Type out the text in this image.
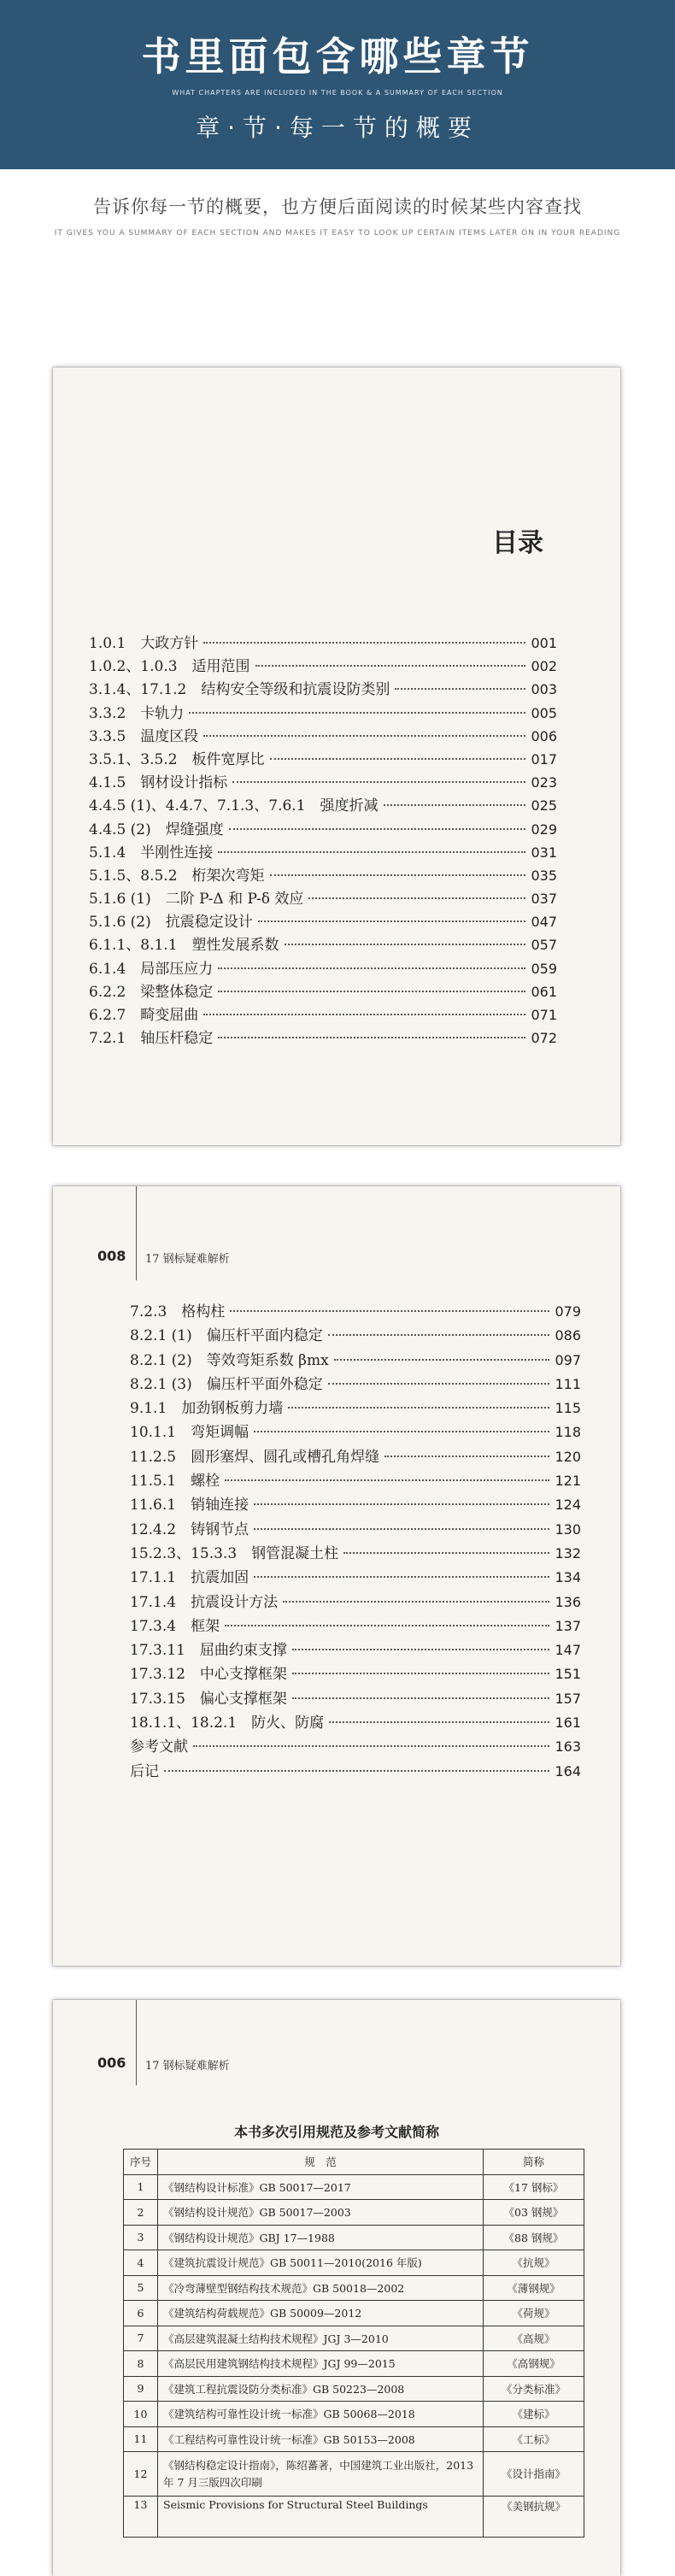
书里面包含哪些章节
WHAT CHAPTERS ARE INCLUDED IN THE BOOK & A SUMMARY OF EACH SECTION
章·节·每一节的概要

告诉你每一节的概要，也方便后面阅读的时候某些内容查找

IT GIVES YOU A SUMMARY OF EACH SECTION AND MAKES IT EASY TO LOOK UP CERTAIN ITEMS LATER ON IN YOUR READING

目录
1.0.1　大政方针	001
1.0.2、1.0.3　适用范围	002
3.1.4、17.1.2　结构安全等级和抗震设防类别	003
3.3.2　卡轨力	005
3.3.5　温度区段	006
3.5.1、3.5.2　板件宽厚比	017
4.1.5　钢材设计指标	023
4.4.5 (1)、4.4.7、7.1.3、7.6.1　强度折减	025
4.4.5 (2)　焊缝强度	029
5.1.4　半刚性连接	031
5.1.5、8.5.2　桁架次弯矩	035
5.1.6 (1)　二阶 P-Δ 和 P-δ 效应	037
5.1.6 (2)　抗震稳定设计	047
6.1.1、8.1.1　塑性发展系数	057
6.1.4　局部压应力	059
6.2.2　梁整体稳定	061
6.2.7　畸变屈曲	071
7.2.1　轴压杆稳定	072
008 17 钢标疑难解析
7.2.3　格构柱	079
8.2.1 (1)　偏压杆平面内稳定	086
8.2.1 (2)　等效弯矩系数 βmx	097
8.2.1 (3)　偏压杆平面外稳定	111
9.1.1　加劲钢板剪力墙	115
10.1.1　弯矩调幅	118
11.2.5　圆形塞焊、圆孔或槽孔角焊缝	120
11.5.1　螺栓	121
11.6.1　销轴连接	124
12.4.2　铸钢节点	130
15.2.3、15.3.3　钢管混凝土柱	132
17.1.1　抗震加固	134
17.1.4　抗震设计方法	136
17.3.4　框架	137
17.3.11　屈曲约束支撑	147
17.3.12　中心支撑框架	151
17.3.15　偏心支撑框架	157
18.1.1、18.2.1　防火、防腐	161
参考文献	163
后记	164
006 17 钢标疑难解析
本书多次引用规范及参考文献简称
序号	规　范	简称
1	《钢结构设计标准》GB 50017—2017	《17 钢标》
2	《钢结构设计规范》GB 50017—2003	《03 钢规》
3	《钢结构设计规范》GBJ 17—1988	《88 钢规》
4	《建筑抗震设计规范》GB 50011—2010(2016 年版)	《抗规》
5	《冷弯薄壁型钢结构技术规范》GB 50018—2002	《薄钢规》
6	《建筑结构荷载规范》GB 50009—2012	《荷规》
7	《高层建筑混凝土结构技术规程》JGJ 3—2010	《高规》
8	《高层民用建筑钢结构技术规程》JGJ 99—2015	《高钢规》
9	《建筑工程抗震设防分类标准》GB 50223—2008	《分类标准》
10	《建筑结构可靠性设计统一标准》GB 50068—2018	《建标》
11	《工程结构可靠性设计统一标准》GB 50153—2008	《工标》
12	《钢结构稳定设计指南》，陈绍蕃著，中国建筑工业出版社，2013 年 7 月三版四次印刷	《设计指南》
13	Seismic Provisions for Structural Steel Buildings	《美钢抗规》
